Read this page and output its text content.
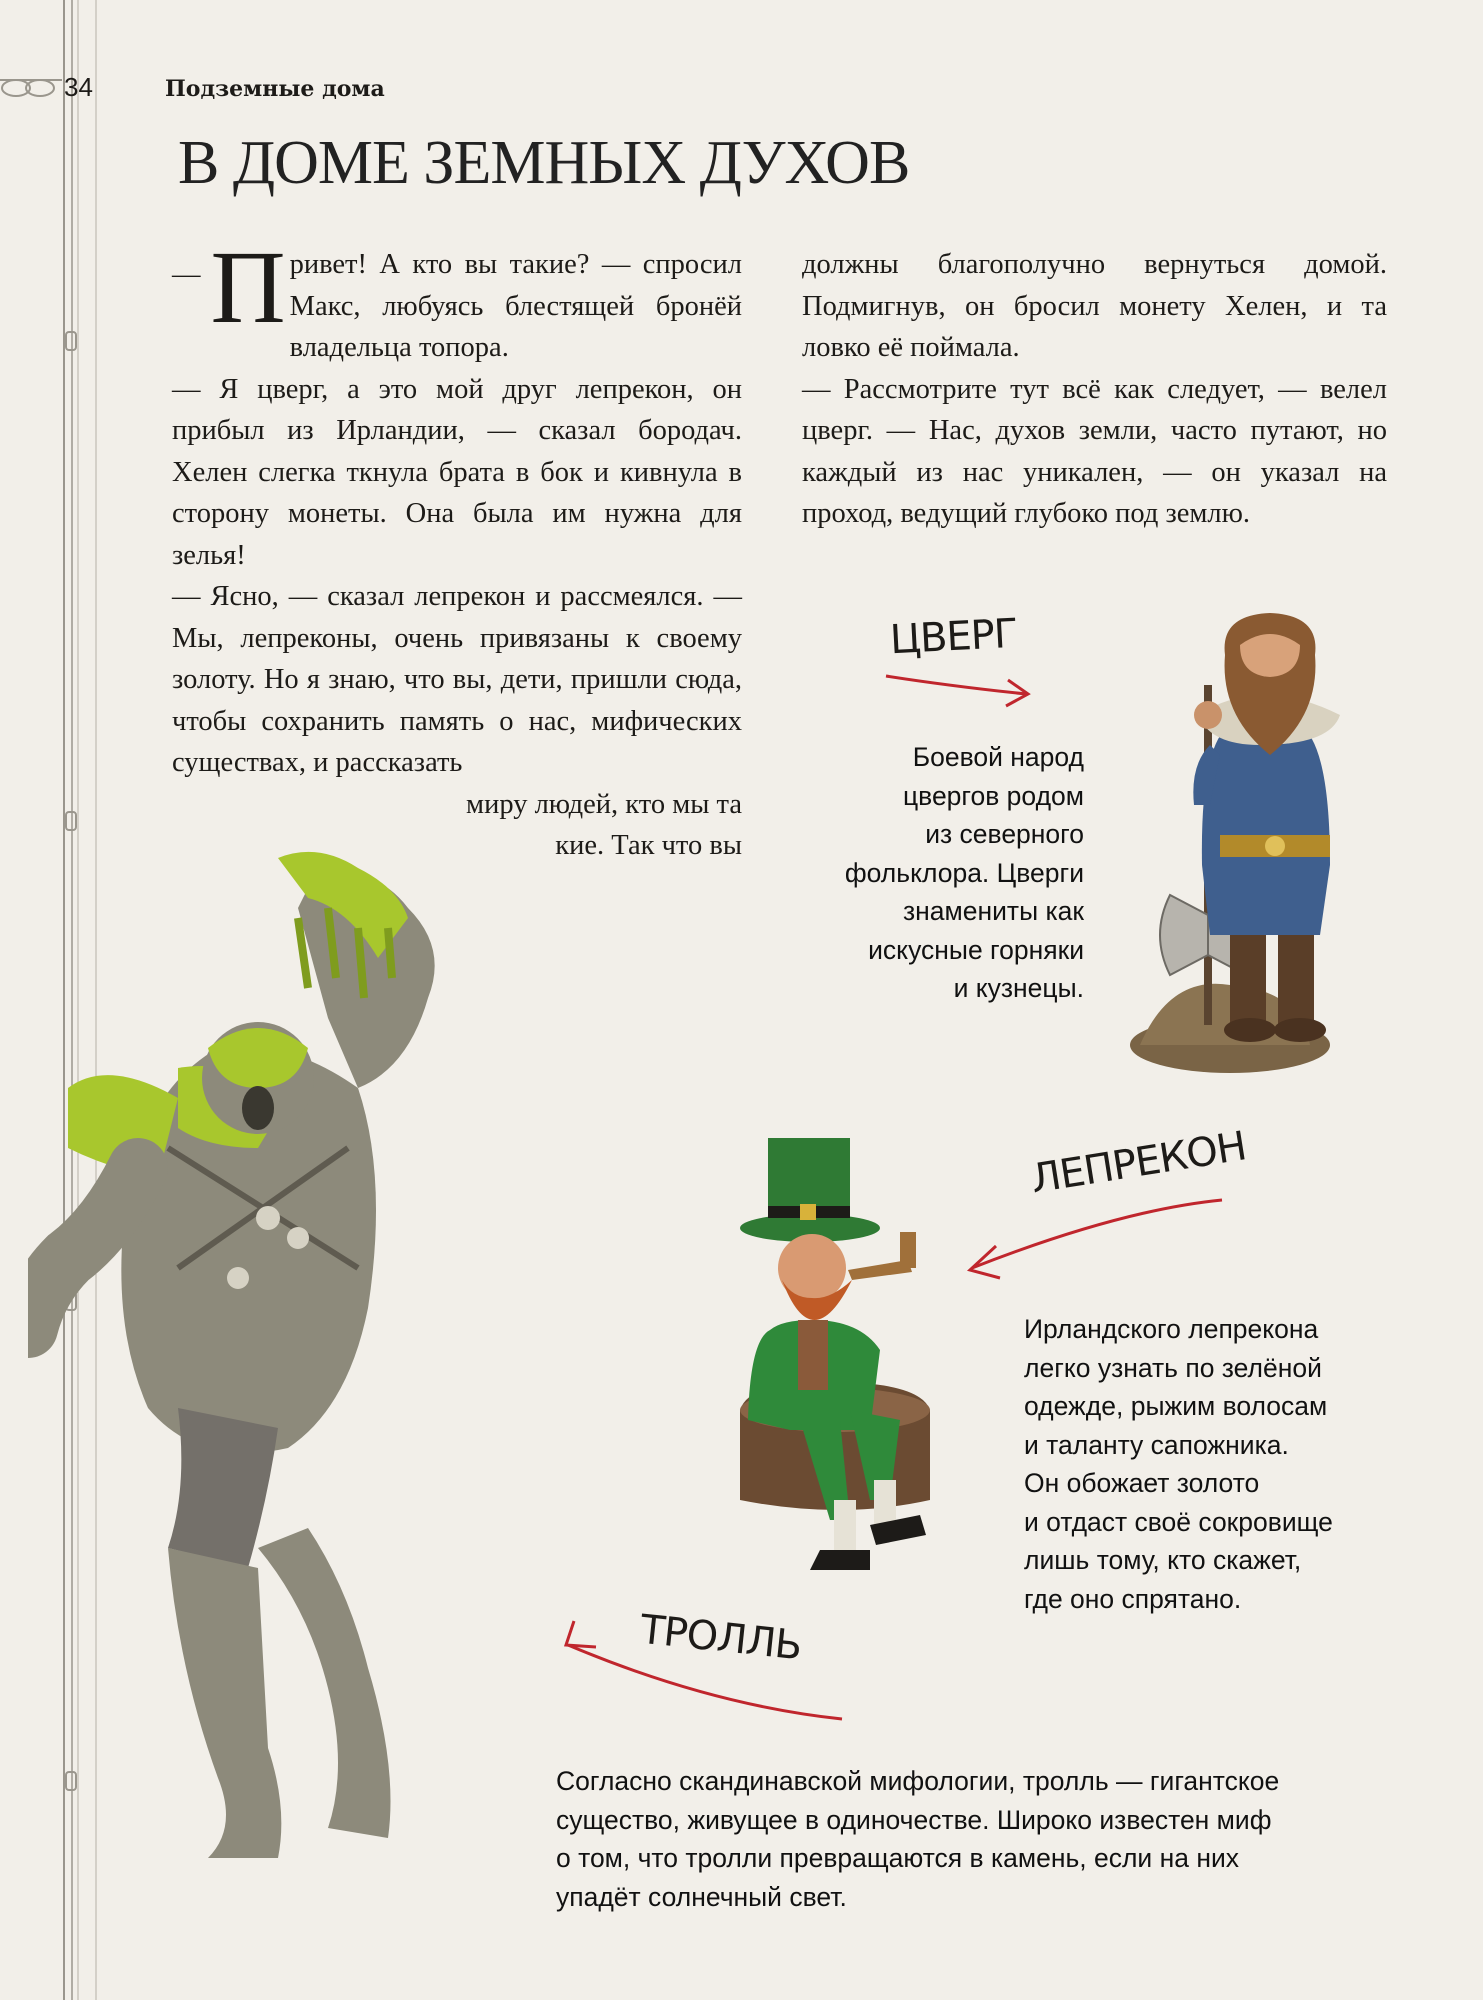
34	Подземные дома
В ДОМЕ ЗЕМНЫХ ДУХОВ

— П ривет! А кто вы такие? — спросил Макс, любуясь блестящей бронёй владельца топора.

— Я цверг, а это мой друг лепрекон, он прибыл из Ирландии, — сказал бородач. Хелен слегка ткнула брата в бок и кивнула в сторону монеты. Она была им нужна для зелья!

— Ясно, — сказал лепрекон и рассмеялся. — Мы, лепреконы, очень привязаны к своему золоту. Но я знаю, что вы, дети, пришли сюда, чтобы сохранить память о нас, мифических существах, и рассказать

миру людей, кто мы та

кие. Так что вы

должны благополучно вернуться домой. Подмигнув, он бросил монету Хелен, и та ловко её поймала.

— Рассмотрите тут всё как следует, — велел цверг. — Нас, духов земли, часто путают, но каждый из нас уникален, — он указал на проход, ведущий глубоко под землю.

ЦВЕРГ
Боевой народ
цвергов родом
из северного
фольклора. Цверги
знамениты как
искусные горняки
и кузнецы.
ЛЕПРЕКОН
Ирландского лепрекона
легко узнать по зелёной
одежде, рыжим волосам
и таланту сапожника.
Он обожает золото
и отдаст своё сокровище
лишь тому, кто скажет,
где оно спрятано.
ТРОЛЛЬ
Согласно скандинавской мифологии, тролль — гигантское
существо, живущее в одиночестве. Широко известен миф
о том, что тролли превращаются в камень, если на них
упадёт солнечный свет.
